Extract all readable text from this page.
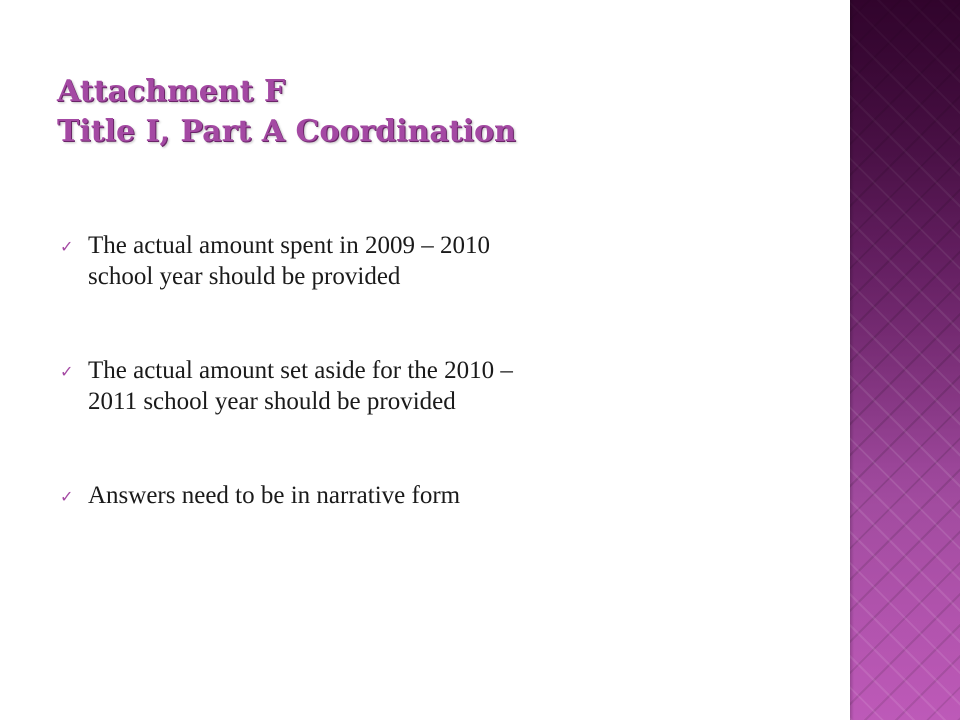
Attachment F
Title I, Part A Coordination
✓ The actual amount spent in 2009 – 2010
school year should be provided
✓ The actual amount set aside for the 2010 –
2011 school year should be provided
✓ Answers need to be in narrative form
